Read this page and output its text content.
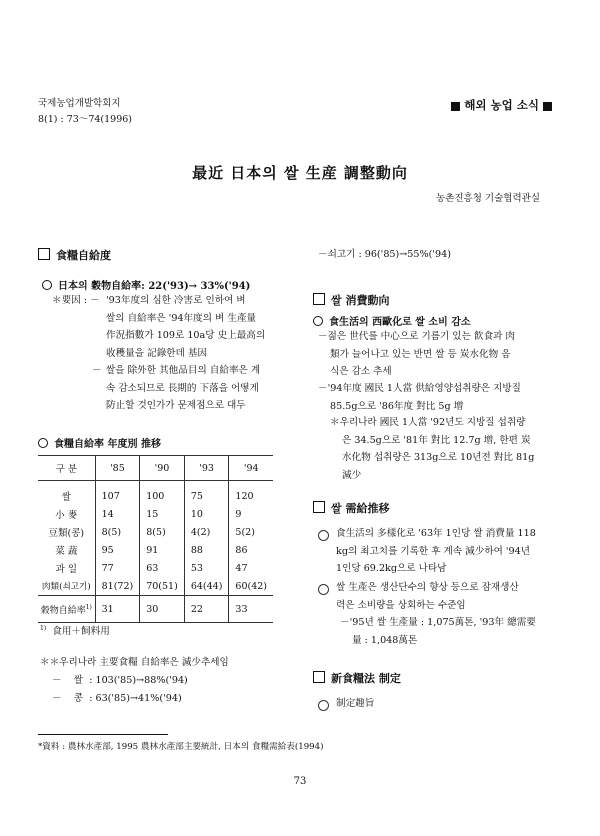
국제농업개발학회지
8(1) : 73～74(1996)
해외 농업 소식
最近 日本의 쌀 生産 調整動向
농촌진흥청 기술협력관실
食糧自給度
日本의 穀物自給率: 22('93)→ 33%('94)
＊要因 : － '93年度의 심한 冷害로 인하여 벼

쌀의 自給率은 '94年度의 벼 生產量

作況指數가 109로 10a당 史上最高의

收穫量을 記錄한데 基因

－ 쌀을 除外한 其他品目의 自給率은 계

속 감소되므로 長期的 下落을 어떻게

防止할 것인가가 문제점으로 대두

食糧自給率 年度別 推移
구 분	'85	'90	'93	'94
쌀	107	100	75	120
小 麥	14	15	10	9
豆類(콩)	8(5)	8(5)	4(2)	5(2)
菜 蔬	95	91	88	86
과 일	77	63	53	47
肉類(쇠고기)	81(72)	70(51)	64(44)	60(42)
穀物自給率$^{1)}$	31	30	22	33
$^{1)}$ 食用＋飼料用
＊＊우리나라 主要食糧 自給率은 減少추세임
－ 쌀 : 103('85)→88%('94)
－ 콩 : 63('85)→41%('94)
－쇠고기 : 96('85)→55%('94)
쌀 消費動向
食生活의 西歐化로 쌀 소비 감소

－젊은 世代를 中心으로 기름기 있는 飮食과 肉

類가 늘어나고 있는 반면 쌀 등 炭水化物 음

식은 감소 추세

－'94年度 國民 1人當 供給영양섭취량은 지방질

85.5g으로 '86年度 對比 5g 增

＊우리나라 國民 1人當 '92년도 지방질 섭취량

은 34.5g으로 '81年 對比 12.7g 增, 한편 炭

水化物 섭취량은 313g으로 10년전 對比 81g

減少

쌀 需給推移

食生活의 多樣化로 '63年 1인당 쌀 消費量 118

kg의 최고치를 기록한 후 계속 減少하여 '94년

1인당 69.2kg으로 나타남

쌀 生產은 생산단수의 향상 등으로 잠재생산

력은 소비량을 상회하는 수준임

－'95년 쌀 生產量 : 1,075萬톤, '93年 總需要

量 : 1,048萬톤

新食糧法 制定
制定趣旨
*資料 : 農林水產部, 1995 農林水產部主要統計, 日本의 食糧需給表(1994)
73
